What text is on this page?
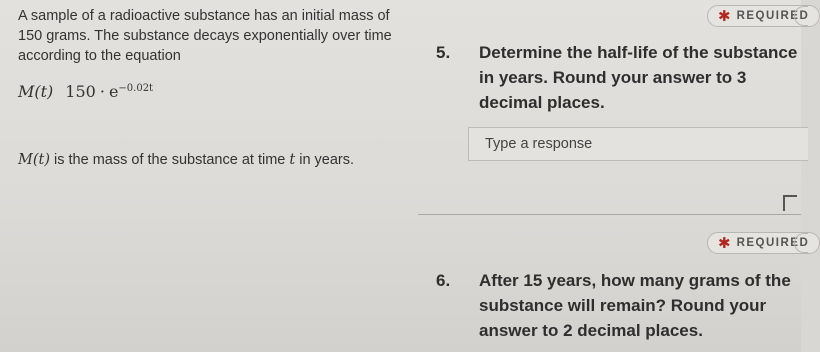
A sample of a radioactive substance has an initial mass of 150 grams. The substance decays exponentially over time according to the equation

M(t) $150 \cdot e^{-0.02t}$
M(t) is the mass of the substance at time t in years.
✱ REQUIRED
5. Determine the half-life of the substance
in years. Round your answer to 3
decimal places.
Type a response
✱ REQUIRED
6. After 15 years, how many grams of the
substance will remain? Round your
answer to 2 decimal places.
